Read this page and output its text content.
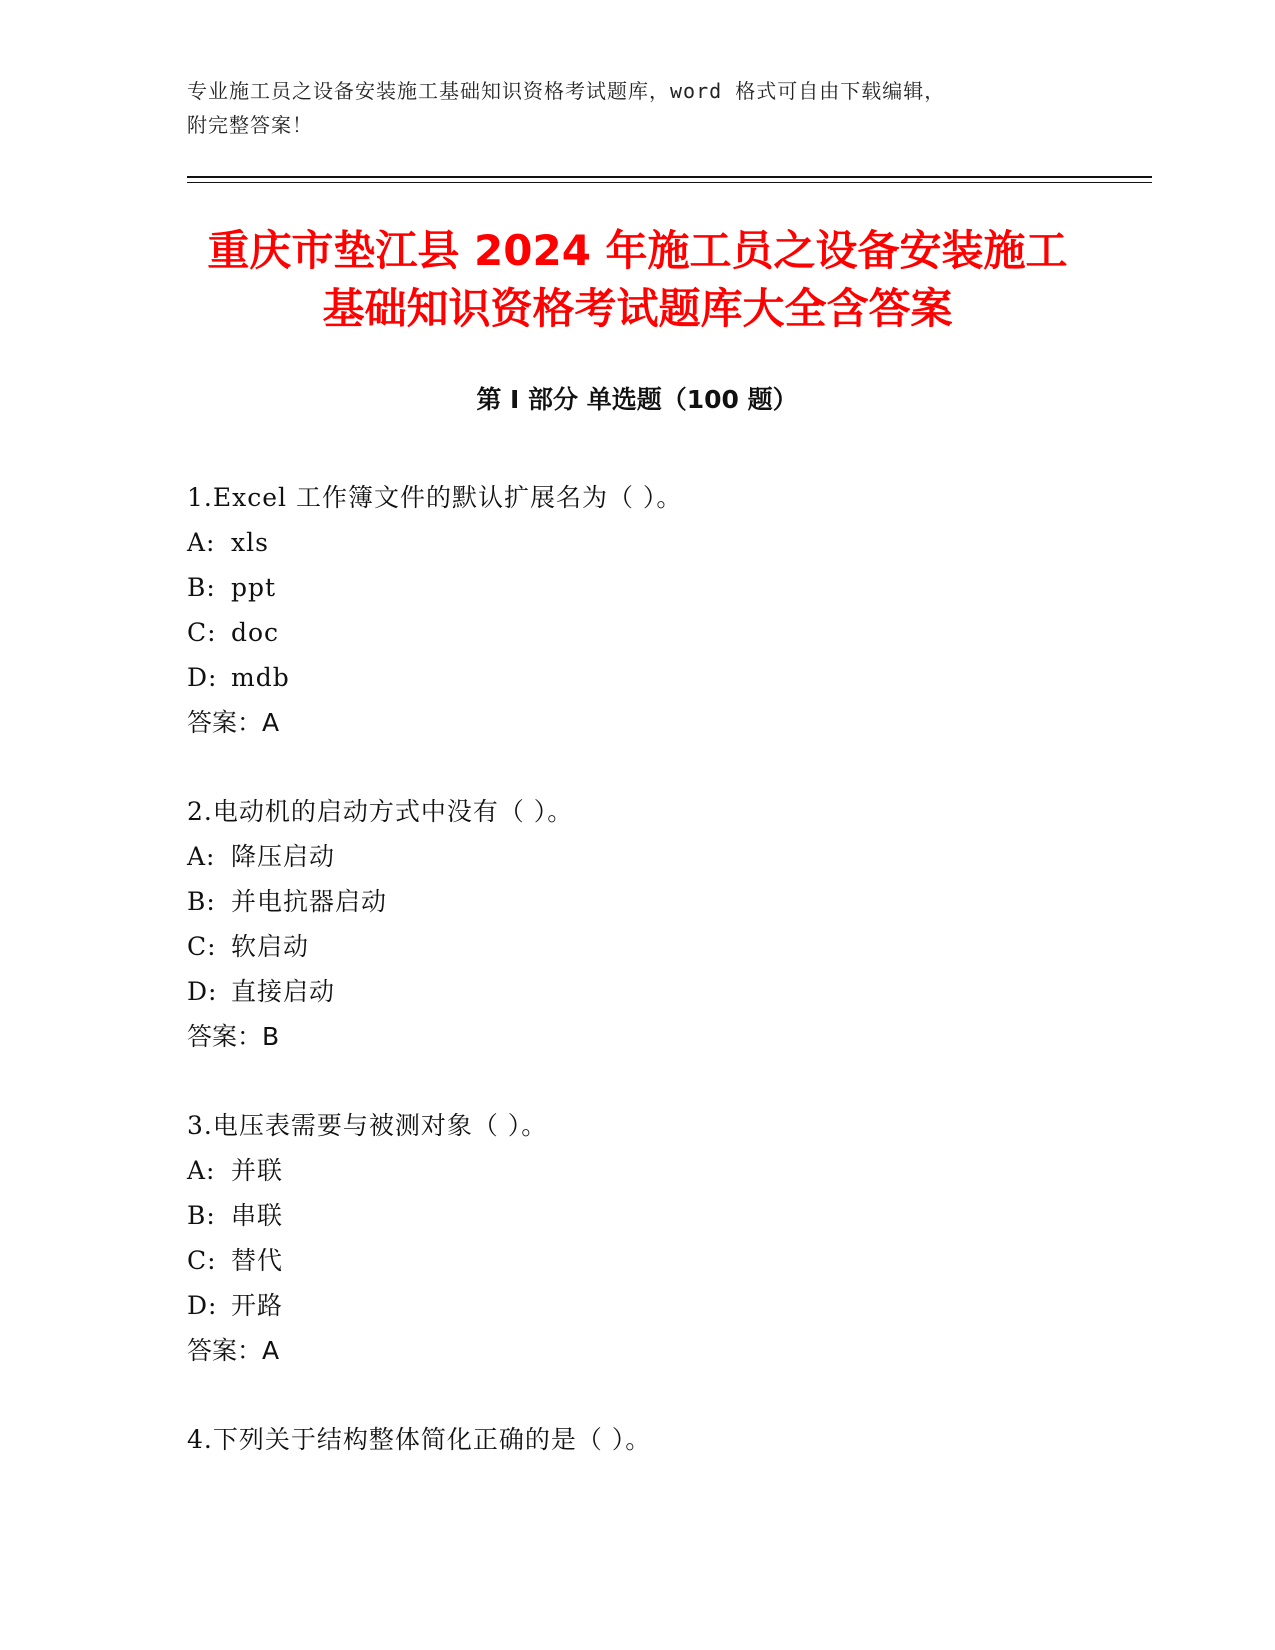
专业施工员之设备安装施工基础知识资格考试题库，word 格式可自由下载编辑，
附完整答案！
重庆市垫江县 2024 年施工员之设备安装施工
基础知识资格考试题库大全含答案
第 I 部分 单选题（100 题）
1.Excel 工作簿文件的默认扩展名为（ ）。
A: xls
B: ppt
C: doc
D: mdb
答案：A
2.电动机的启动方式中没有（ ）。
A: 降压启动
B: 并电抗器启动
C: 软启动
D: 直接启动
答案：B
3.电压表需要与被测对象（ ）。
A: 并联
B: 串联
C: 替代
D: 开路
答案：A
4.下列关于结构整体简化正确的是（ ）。
